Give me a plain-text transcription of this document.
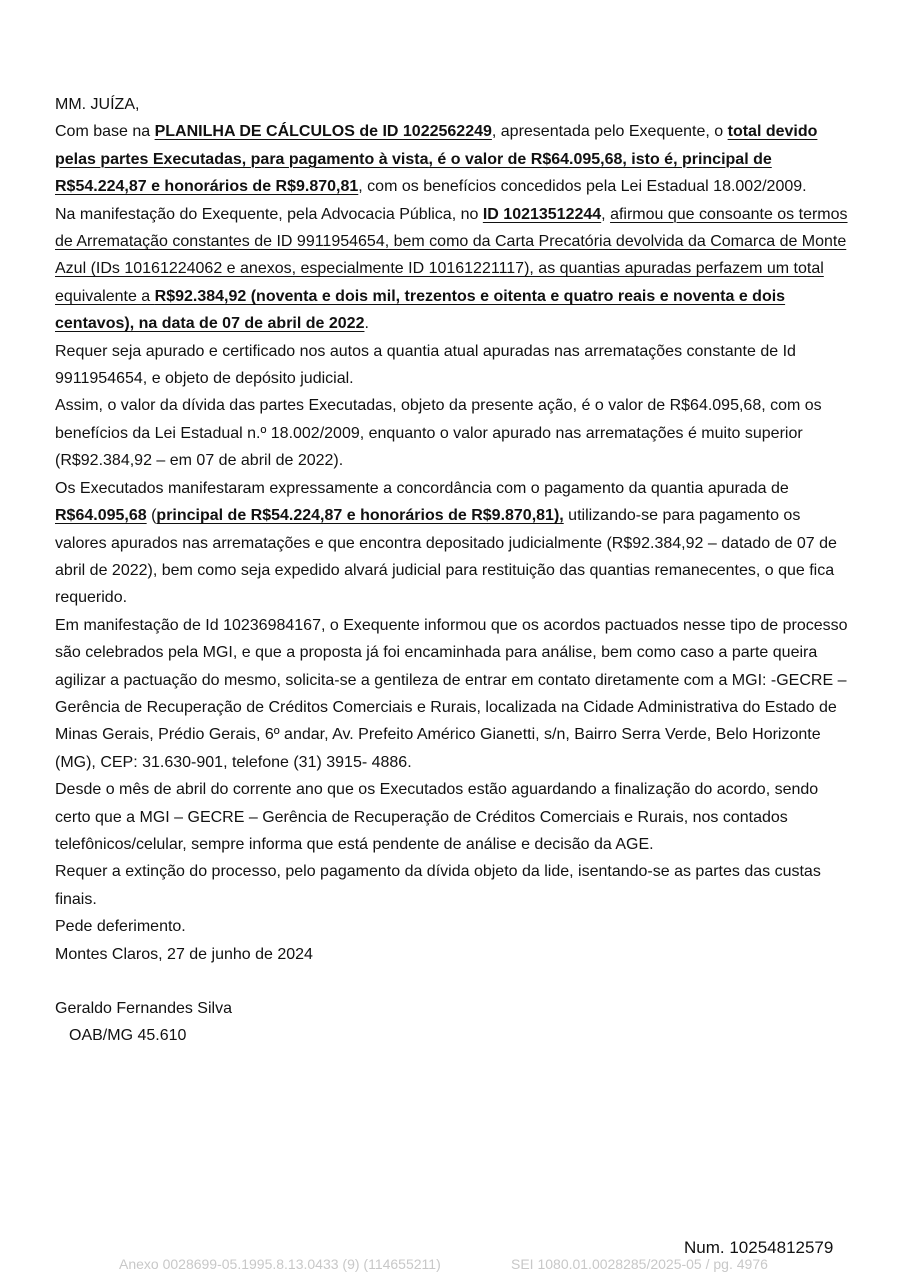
MM. JUÍZA,

Com base na PLANILHA DE CÁLCULOS de ID 1022562249, apresentada pelo Exequente, o total devido pelas partes Executadas, para pagamento à vista, é o valor de R$64.095,68, isto é, principal de R$54.224,87 e honorários de R$9.870,81, com os benefícios concedidos pela Lei Estadual 18.002/2009.

Na manifestação do Exequente, pela Advocacia Pública, no ID 10213512244, afirmou que consoante os termos de Arrematação constantes de ID 9911954654, bem como da Carta Precatória devolvida da Comarca de Monte Azul (IDs 10161224062 e anexos, especialmente ID 10161221117), as quantias apuradas perfazem um total equivalente a R$92.384,92 (noventa e dois mil, trezentos e oitenta e quatro reais e noventa e dois centavos), na data de 07 de abril de 2022.

Requer seja apurado e certificado nos autos a quantia atual apuradas nas arrematações constante de Id 9911954654, e objeto de depósito judicial.

Assim, o valor da dívida das partes Executadas, objeto da presente ação, é o valor de R$64.095,68, com os benefícios da Lei Estadual n.º 18.002/2009, enquanto o valor apurado nas arrematações é muito superior (R$92.384,92 – em 07 de abril de 2022).

Os Executados manifestaram expressamente a concordância com o pagamento da quantia apurada de R$64.095,68 (principal de R$54.224,87 e honorários de R$9.870,81), utilizando-se para pagamento os valores apurados nas arrematações e que encontra depositado judicialmente (R$92.384,92 – datado de 07 de abril de 2022), bem como seja expedido alvará judicial para restituição das quantias remanecentes, o que fica requerido.

Em manifestação de Id 10236984167, o Exequente informou que os acordos pactuados nesse tipo de processo são celebrados pela MGI, e que a proposta já foi encaminhada para análise, bem como caso a parte queira agilizar a pactuação do mesmo, solicita-se a gentileza de entrar em contato diretamente com a MGI: -GECRE – Gerência de Recuperação de Créditos Comerciais e Rurais, localizada na Cidade Administrativa do Estado de Minas Gerais, Prédio Gerais, 6º andar, Av. Prefeito Américo Gianetti, s/n, Bairro Serra Verde, Belo Horizonte (MG), CEP: 31.630-901, telefone (31) 3915- 4886.

Desde o mês de abril do corrente ano que os Executados estão aguardando a finalização do acordo, sendo certo que a MGI – GECRE – Gerência de Recuperação de Créditos Comerciais e Rurais, nos contados telefônicos/celular, sempre informa que está pendente de análise e decisão da AGE.

Requer a extinção do processo, pelo pagamento da dívida objeto da lide, isentando-se as partes das custas finais.

Pede deferimento.

Montes Claros, 27 de junho de 2024

Geraldo Fernandes Silva

OAB/MG 45.610

Num. 10254812579
Anexo 0028699-05.1995.8.13.0433 (9) (114655211)	SEI 1080.01.0028285/2025-05 / pg. 4976
